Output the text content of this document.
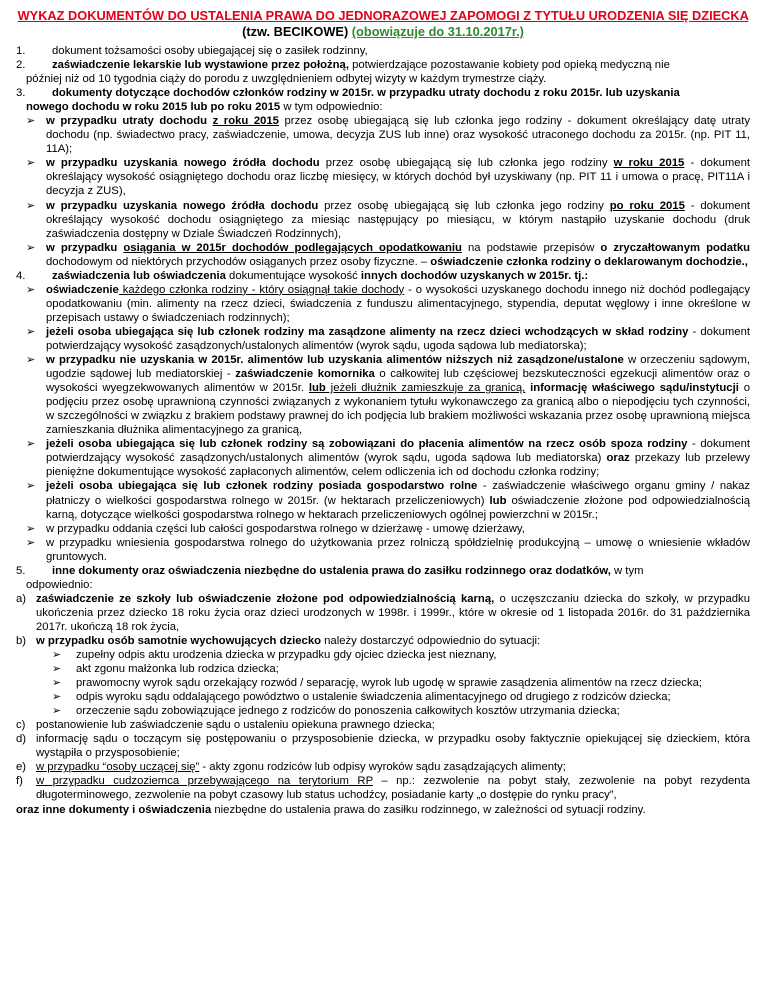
WYKAZ DOKUMENTÓW DO USTALENIA PRAWA DO JEDNORAZOWEJ ZAPOMOGI Z TYTUŁU URODZENIA SIĘ DZIECKA (tzw. BECIKOWE) (obowiązuje do 31.10.2017r.)
1.	dokument tożsamości osoby ubiegającej się o zasiłek rodzinny,
2.	zaświadczenie lekarskie lub wystawione przez położną, potwierdzające pozostawanie kobiety pod opieką medyczną nie
później niż od 10 tygodnia ciąży do porodu z uwzględnieniem odbytej wizyty w każdym trymestrze ciąży.
3.	dokumenty dotyczące dochodów członków rodziny w 2015r. w przypadku utraty dochodu z roku 2015r. lub uzyskania
nowego dochodu w roku 2015 lub po roku 2015 w tym odpowiednio:
➢ w przypadku utraty dochodu z roku 2015 przez osobę ubiegającą się lub członka jego rodziny - dokument określający datę utraty dochodu (np. świadectwo pracy, zaświadczenie, umowa, decyzja ZUS lub inne) oraz wysokość utraconego dochodu za 2015r. (np. PIT 11, 11A);
➢ w przypadku uzyskania nowego źródła dochodu przez osobę ubiegającą się lub członka jego rodziny w roku 2015 - dokument określający wysokość osiągniętego dochodu oraz liczbę miesięcy, w których dochód był uzyskiwany (np. PIT 11 i umowa o pracę, PIT11A i decyzja z ZUS),
➢ w przypadku uzyskania nowego źródła dochodu przez osobę ubiegającą się lub członka jego rodziny po roku 2015 - dokument określający wysokość dochodu osiągniętego za miesiąc następujący po miesiącu, w którym nastąpiło uzyskanie dochodu (druk zaświadczenia dostępny w Dziale Świadczeń Rodzinnych),
➢ w przypadku osiągania w 2015r dochodów podlegających opodatkowaniu na podstawie przepisów o zryczałtowanym podatku dochodowym od niektórych przychodów osiąganych przez osoby fizyczne. – oświadczenie członka rodziny o deklarowanym dochodzie.,
4.	zaświadczenia lub oświadczenia dokumentujące wysokość innych dochodów uzyskanych w 2015r. tj.:
➢ oświadczenie każdego członka rodziny - który osiągnął takie dochody - o wysokości uzyskanego dochodu innego niż dochód podlegający opodatkowaniu (min. alimenty na rzecz dzieci, świadczenia z funduszu alimentacyjnego, stypendia, deputat węglowy i inne określone w przepisach ustawy o świadczeniach rodzinnych);
➢ jeżeli osoba ubiegająca się lub członek rodziny ma zasądzone alimenty na rzecz dzieci wchodzących w skład rodziny - dokument potwierdzający wysokość zasądzonych/ustalonych alimentów (wyrok sądu, ugoda sądowa lub mediatorska);
➢ w przypadku nie uzyskania w 2015r. alimentów lub uzyskania alimentów niższych niż zasądzone/ustalone w orzeczeniu sądowym, ugodzie sądowej lub mediatorskiej - zaświadczenie komornika o całkowitej lub częściowej bezskuteczności egzekucji alimentów oraz o wysokości wyegzekwowanych alimentów w 2015r. lub jeżeli dłużnik zamieszkuje za granicą, informację właściwego sądu/instytucji o podjęciu przez osobę uprawnioną czynności związanych z wykonaniem tytułu wykonawczego za granicą albo o niepodjęciu tych czynności, w szczególności w związku z brakiem podstawy prawnej do ich podjęcia lub brakiem możliwości wskazania przez osobę uprawnioną miejsca zamieszkania dłużnika alimentacyjnego za granicą,
➢ jeżeli osoba ubiegająca się lub członek rodziny są zobowiązani do płacenia alimentów na rzecz osób spoza rodziny - dokument potwierdzający wysokość zasądzonych/ustalonych alimentów (wyrok sądu, ugoda sądowa lub mediatorska) oraz przekazy lub przelewy pieniężne dokumentujące wysokość zapłaconych alimentów, celem odliczenia ich od dochodu członka rodziny;
➢ jeżeli osoba ubiegająca się lub członek rodziny posiada gospodarstwo rolne - zaświadczenie właściwego organu gminy / nakaz płatniczy o wielkości gospodarstwa rolnego w 2015r. (w hektarach przeliczeniowych) lub oświadczenie złożone pod odpowiedzialnością karną, dotyczące wielkości gospodarstwa rolnego w hektarach przeliczeniowych ogólnej powierzchni w 2015r.;
➢ w przypadku oddania części lub całości gospodarstwa rolnego w dzierżawę - umowę dzierżawy,
➢ w przypadku wniesienia gospodarstwa rolnego do użytkowania przez rolniczą spółdzielnię produkcyjną – umowę o wniesienie wkładów gruntowych.
5.	inne dokumenty oraz oświadczenia niezbędne do ustalenia prawa do zasiłku rodzinnego oraz dodatków, w tym
odpowiednio:
a) zaświadczenie ze szkoły lub oświadczenie złożone pod odpowiedzialnością karną, o uczęszczaniu dziecka do szkoły, w przypadku ukończenia przez dziecko 18 roku życia oraz dzieci urodzonych w 1998r. i 1999r., które w okresie od 1 listopada 2016r. do 31 października 2017r. ukończą 18 rok życia,
b) w przypadku osób samotnie wychowujących dziecko należy dostarczyć odpowiednio do sytuacji:
➢	zupełny odpis aktu urodzenia dziecka w przypadku gdy ojciec dziecka jest nieznany,
➢	akt zgonu małżonka lub rodzica dziecka;
➢	prawomocny wyrok sądu orzekający rozwód / separację, wyrok lub ugodę w sprawie zasądzenia alimentów na rzecz dziecka;
➢	odpis wyroku sądu oddalającego powództwo o ustalenie świadczenia alimentacyjnego od drugiego z rodziców dziecka;
➢	orzeczenie sądu zobowiązujące jednego z rodziców do ponoszenia całkowitych kosztów utrzymania dziecka;
c) postanowienie lub zaświadczenie sądu o ustaleniu opiekuna prawnego dziecka;
d) informację sądu o toczącym się postępowaniu o przysposobienie dziecka, w przypadku osoby faktycznie opiekującej się dzieckiem, która wystąpiła o przysposobienie;
e) w przypadku “osoby uczącej się” - akty zgonu rodziców lub odpisy wyroków sądu zasądzających alimenty;
f)	w przypadku cudzoziemca przebywającego na terytorium RP – np.: zezwolenie na pobyt stały, zezwolenie na pobyt rezydenta długoterminowego, zezwolenie na pobyt czasowy lub status uchodźcy, posiadanie karty „o dostępie do rynku pracy”,
oraz inne dokumenty i oświadczenia niezbędne do ustalenia prawa do zasiłku rodzinnego, w zależności od sytuacji rodziny.
